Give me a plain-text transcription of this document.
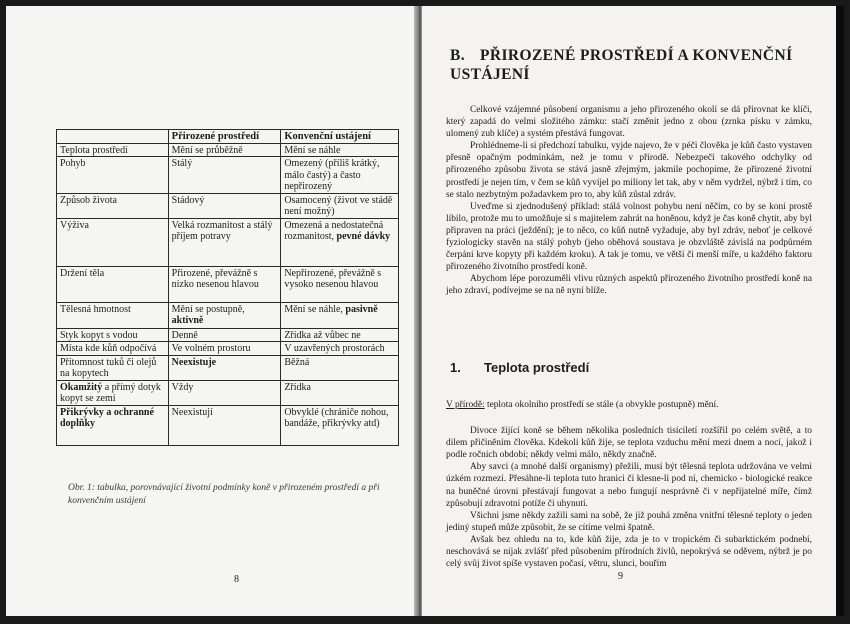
	Přirozené prostředí	Konvenční ustájení
Teplota prostředí	Mění se průběžně	Mění se náhle
Pohyb	Stálý	Omezený (příliš krátký, málo častý) a často nepřirozený
Způsob života	Stádový	Osamocený (život ve stádě není možný)
Výživa	Velká rozmanitost a stálý příjem potravy	Omezená a nedostatečná rozmanitost, pevné dávky
Držení těla	Přirozené, převážně s nízko nesenou hlavou	Nepřirozené, převážně s vysoko nesenou hlavou
Tělesná hmotnost	Mění se postupně, aktivně	Mění se náhle, pasivně
Styk kopyt s vodou	Denně	Zřídka až vůbec ne
Místa kde kůň odpočívá	Ve volném prostoru	V uzavřených prostorách
Přítomnost tuků či olejů na kopytech	Neexistuje	Běžná
Okamžitý a přímý dotyk kopyt se zemí	Vždy	Zřídka
Přikrývky a ochranné doplňky	Neexistují	Obvyklé (chrániče nohou, bandáže, přikrývky atd)
Obr. 1: tabulka, porovnávající životní podmínky koně v přirozeném prostředí a při konvenčním ustájení
8
B. PŘIROZENÉ PROSTŘEDÍ A KONVENČNÍ USTÁJENÍ

Celkové vzájemné působení organismu a jeho přirozeného okolí se dá přirovnat ke klíči, který zapadá do velmi složitého zámku: stačí změnit jedno z obou (zrnka písku v zámku, ulomený zub klíče) a systém přestává fungovat.

Prohlédneme-li si předchozí tabulku, vyjde najevo, že v péči člověka je kůň často vystaven přesně opačným podmínkám, než je tomu v přírodě. Nebezpečí takového odchylky od přirozeného způsobu života se stává jasně zřejmým, jakmile pochopíme, že přirozené životní prostředí je nejen tím, v čem se kůň vyvíjel po miliony let tak, aby v něm vydržel, nýbrž i tím, co se stalo nezbytným požadavkem pro to, aby kůň zůstal zdráv.

Uveďme si zjednodušený příklad: stálá volnost pohybu není něčím, co by se koni prostě líbilo, protože mu to umožňuje si s majitelem zahrát na honěnou, když je čas koně chytit, aby byl připraven na práci (ježdění); je to něco, co kůň nutně vyžaduje, aby byl zdráv, neboť je celkové fyziologicky stavěn na stálý pohyb (jeho oběhová soustava je obzvláště závislá na podpůrném čerpání krve kopyty při každém kroku). A tak je tomu, ve větší či menší míře, u každého faktoru přirozeného životního prostředí koně.

Abychom lépe porozuměli vlivu různých aspektů přirozeného životního prostředí koně na jeho zdraví, podívejme se na ně nyní blíže.

1. Teplota prostředí

V přírodě: teplota okolního prostředí se stále (a obvykle postupně) mění.

Divoce žijící koně se během několika posledních tisíciletí rozšířil po celém světě, a to dilem přičiněním člověka. Kdekoli kůň žije, se teplota vzduchu mění mezi dnem a nocí, jakož i podle ročních období; někdy velmi málo, někdy značně.

Aby savci (a mnohé další organismy) přežili, musí být tělesná teplota udržována ve velmi úzkém rozmezí. Přesáhne-li teplota tuto hranici či klesne-li pod ní, chemicko - biologické reakce na buněčné úrovni přestávají fungovat a nebo fungují nesprávně či v nepřijatelné míře, čímž způsobují zdravotní potíže či uhynutí.

Všichni jsme někdy zažili sami na sobě, že již pouhá změna vnitřní tělesné teploty o jeden jediný stupeň může způsobit, že se cítíme velmi špatně.

Avšak bez ohledu na to, kde kůň žije, zda je to v tropickém či subarktickém podnebí, neschovává se nijak zvlášť před působením přírodních živlů, nepokrývá se oděvem, nýbrž je po celý svůj život spíše vystaven počasí, větru, slunci, bouřím

9
